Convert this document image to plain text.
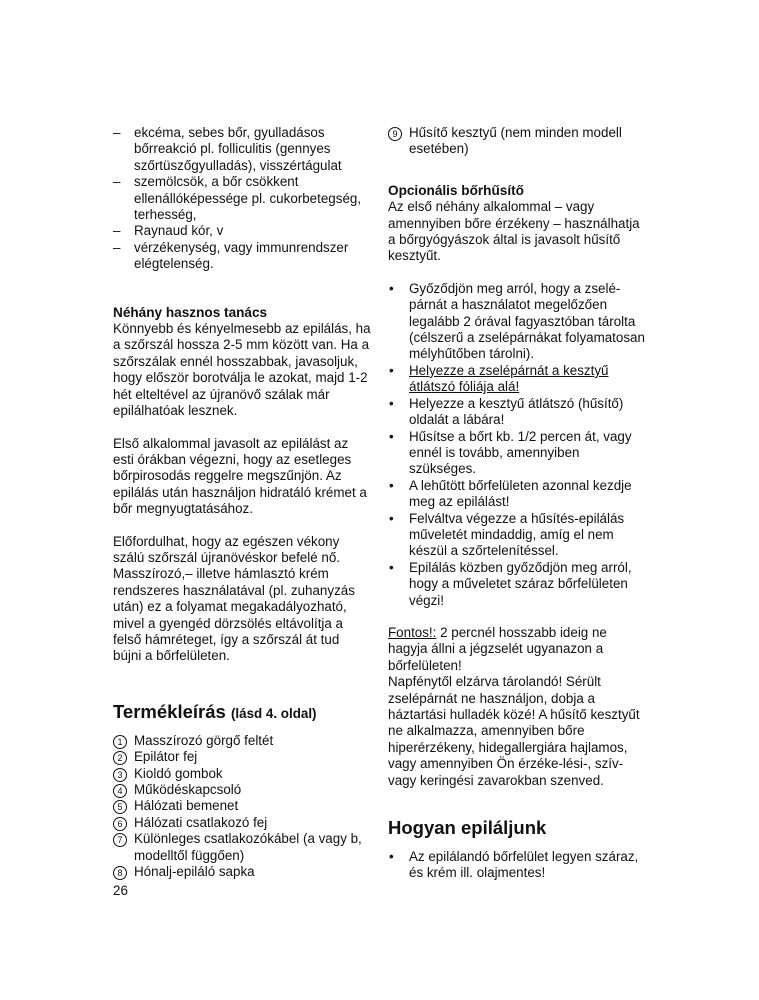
– ekcéma, sebes bőr, gyulladásos bőrreakció pl. folliculitis (gennyes szőrtüszőgyulladás), visszértágulat
– szemölcsök, a bőr csökkent ellenállóképessége pl. cukorbetegség, terhesség,
– Raynaud kór, v
– vérzékenység, vagy immunrendszer elégtelenség.

Néhány hasznos tanács

Könnyebb és kényelmesebb az epilálás, ha a szőrszál hossza 2-5 mm között van. Ha a szőrszálak ennél hosszabbak, javasoljuk, hogy először borotválja le azokat, majd 1-2 hét elteltével az újranövő szálak már epilálhatóak lesznek.

Első alkalommal javasolt az epilálást az esti órákban végezni, hogy az esetleges bőrpirosodás reggelre megszűnjön. Az epilálás után használjon hidratáló krémet a bőr megnyugtatásához.

Előfordulhat, hogy az egészen vékony szálú szőrszál újranövéskor befelé nő. Masszírozó,– illetve hámlasztó krém rendszeres használatával (pl. zuhanyzás után) ez a folyamat megakadályozható, mivel a gyengéd dörzsölés eltávolítja a felső hámréteget, így a szőrszál át tud bújni a bőrfelületen.

Termékleírás (lásd 4. oldal)

1 Masszírozó görgő feltét
2 Epilátor fej
3 Kioldó gombok
4 Működéskapcsoló
5 Hálózati bemenet
6 Hálózati csatlakozó fej
7 Különleges csatlakozókábel (a vagy b, modelltől függően)
8 Hónalj-epiláló sapka
26
9 Hűsítő kesztyű (nem minden modell esetében)

Opcionális bőrhűsítő

Az első néhány alkalommal – vagy amennyiben bőre érzékeny – használhatja a bőrgyógyászok által is javasolt hűsítő kesztyűt.

• Győződjön meg arról, hogy a zselé-párnát a használatot megelőzően legalább 2 órával fagyasztóban tárolta (célszerű a zselépárnákat folyamatosan mélyhűtőben tárolni).
• Helyezze a zselépárnát a kesztyű átlátszó fóliája alá!
• Helyezze a kesztyű átlátszó (hűsítő) oldalát a lábára!
• Hűsítse a bőrt kb. 1/2 percen át, vagy ennél is tovább, amennyiben szükséges.
• A lehűtött bőrfelületen azonnal kezdje meg az epilálást!
• Felváltva végezze a hűsítés-epilálás műveletét mindaddig, amíg el nem készül a szőrtelenítéssel.
• Epilálás közben győződjön meg arról, hogy a műveletet száraz bőrfelületen végzi!

Fontos!: 2 percnél hosszabb ideig ne hagyja állni a jégzselét ugyanazon a bőrfelületen!

Napfénytől elzárva tárolandó! Sérült zselépárnát ne használjon, dobja a háztartási hulladék közé! A hűsítő kesztyűt ne alkalmazza, amennyiben bőre hiperérzékeny, hidegallergiára hajlamos, vagy amennyiben Ön érzéke-lési-, szív- vagy keringési zavarokban szenved.

Hogyan epiláljunk

• Az epilálandó bőrfelület legyen száraz, és krém ill. olajmentes!
